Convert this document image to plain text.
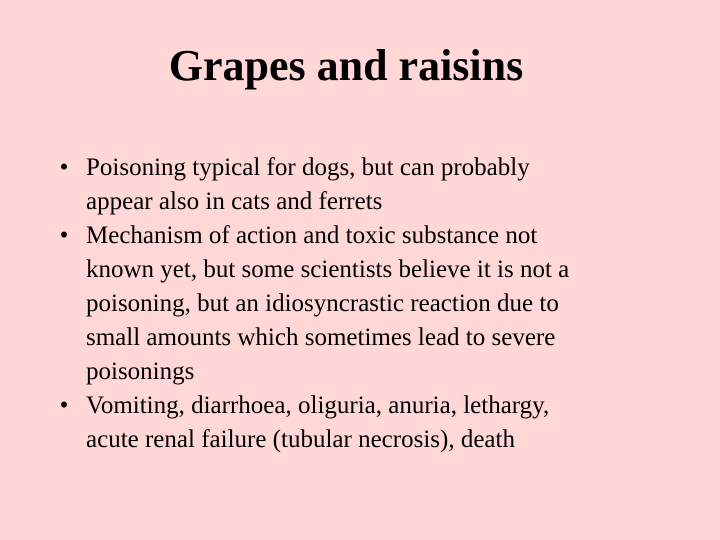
Grapes and raisins
• Poisoning typical for dogs, but can probably
appear also in cats and ferrets
• Mechanism of action and toxic substance not
known yet, but some scientists believe it is not a
poisoning, but an idiosyncrastic reaction due to
small amounts which sometimes lead to severe
poisonings
• Vomiting, diarrhoea, oliguria, anuria, lethargy,
acute renal failure (tubular necrosis), death
